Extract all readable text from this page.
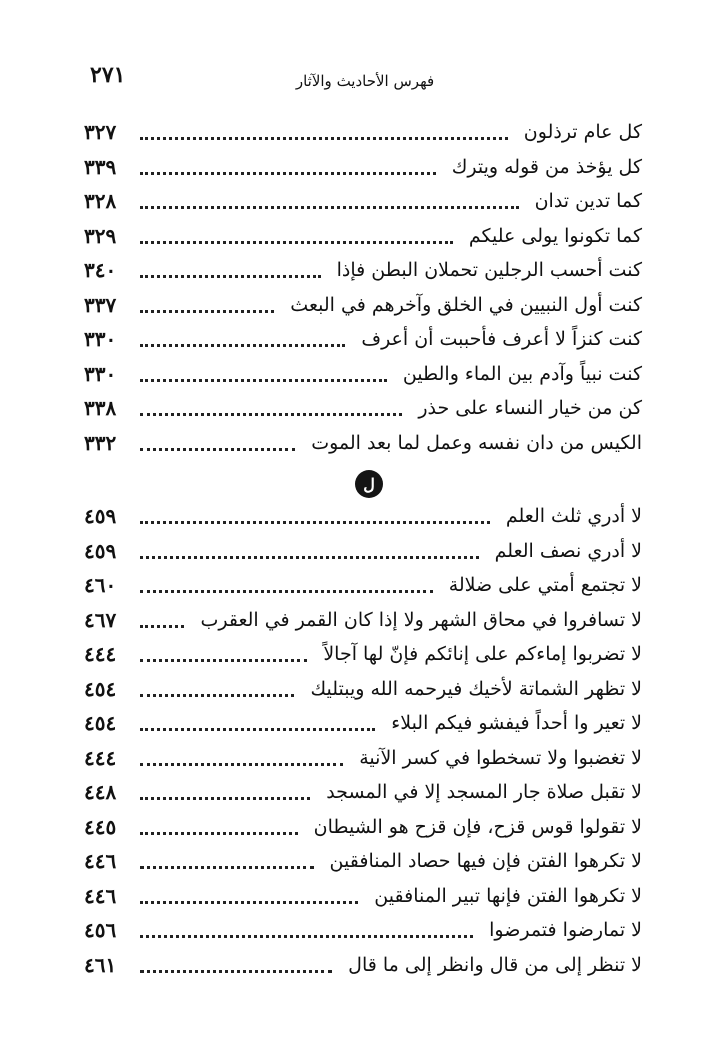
فهرس الأحاديث والآثار
٢٧١
كل عام ترذلون
٣٢٧
كل يؤخذ من قوله ويترك
٣٣٩
كما تدين تدان
٣٢٨
كما تكونوا يولى عليكم
٣٢٩
كنت أحسب الرجلين تحملان البطن فإذا
٣٤٠
كنت أول النبيين في الخلق وآخرهم في البعث
٣٣٧
كنت كنزاً لا أعرف فأحببت أن أعرف
٣٣٠
كنت نبياً وآدم بين الماء والطين
٣٣٠
كن من خيار النساء على حذر
٣٣٨
الكيس من دان نفسه وعمل لما بعد الموت
٣٣٢
ل
لا أدري ثلث العلم
٤٥٩
لا أدري نصف العلم
٤٥٩
لا تجتمع أمتي على ضلالة
٤٦٠
لا تسافروا في محاق الشهر ولا إذا كان القمر في العقرب
٤٦٧
لا تضربوا إماءكم على إنائكم فإنّ لها آجالاً
٤٤٤
لا تظهر الشماتة لأخيك فيرحمه الله ويبتليك
٤٥٤
لا تعير وا أحداً فيفشو فيكم البلاء
٤٥٤
لا تغضبوا ولا تسخطوا في كسر الآنية
٤٤٤
لا تقبل صلاة جار المسجد إلا في المسجد
٤٤٨
لا تقولوا قوس قزح، فإن قزح هو الشيطان
٤٤٥
لا تكرهوا الفتن فإن فيها حصاد المنافقين
٤٤٦
لا تكرهوا الفتن فإنها تبير المنافقين
٤٤٦
لا تمارضوا فتمرضوا
٤٥٦
لا تنظر إلى من قال وانظر إلى ما قال
٤٦١
